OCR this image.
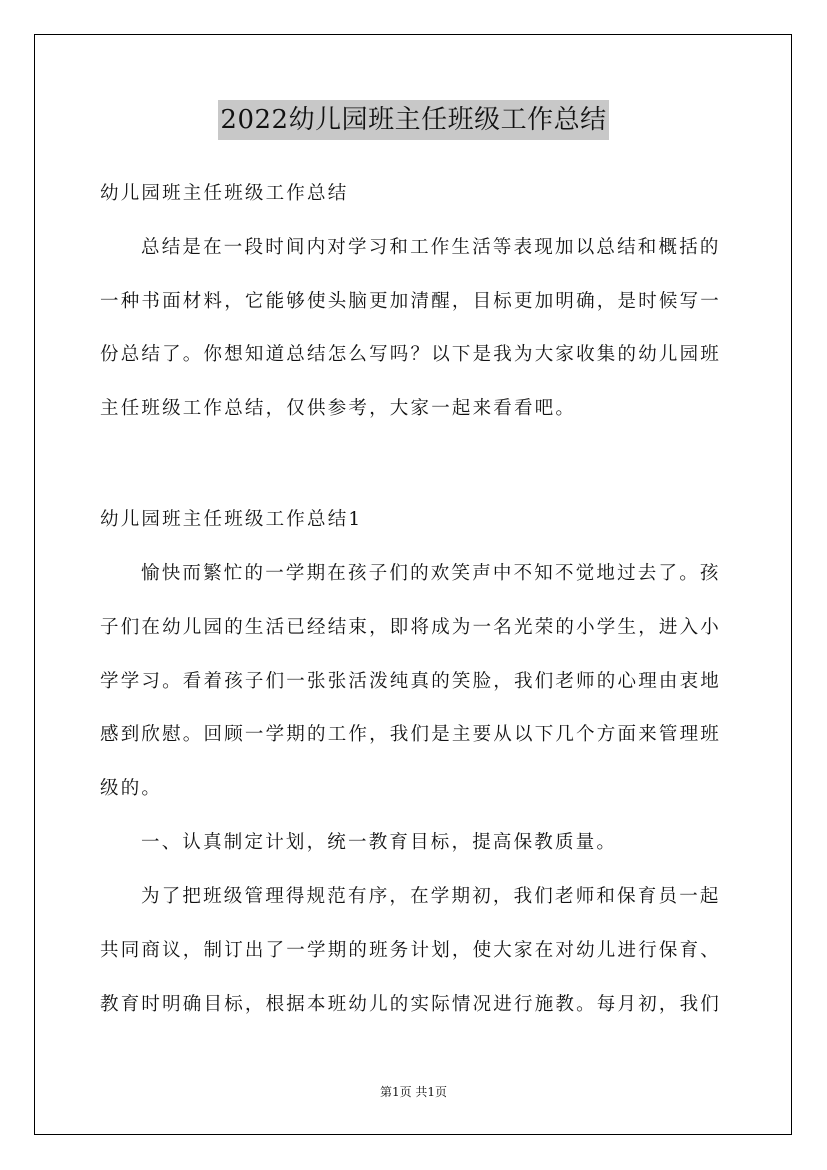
2022幼儿园班主任班级工作总结
幼儿园班主任班级工作总结
总结是在一段时间内对学习和工作生活等表现加以总结和概括的
一种书面材料，它能够使头脑更加清醒，目标更加明确，是时候写一
份总结了。你想知道总结怎么写吗？以下是我为大家收集的幼儿园班
主任班级工作总结，仅供参考，大家一起来看看吧。
幼儿园班主任班级工作总结1
愉快而繁忙的一学期在孩子们的欢笑声中不知不觉地过去了。孩
子们在幼儿园的生活已经结束，即将成为一名光荣的小学生，进入小
学学习。看着孩子们一张张活泼纯真的笑脸，我们老师的心理由衷地
感到欣慰。回顾一学期的工作，我们是主要从以下几个方面来管理班
级的。
一、认真制定计划，统一教育目标，提高保教质量。
为了把班级管理得规范有序，在学期初，我们老师和保育员一起
共同商议，制订出了一学期的班务计划，使大家在对幼儿进行保育、
教育时明确目标，根据本班幼儿的实际情况进行施教。每月初，我们
第1页 共1页
